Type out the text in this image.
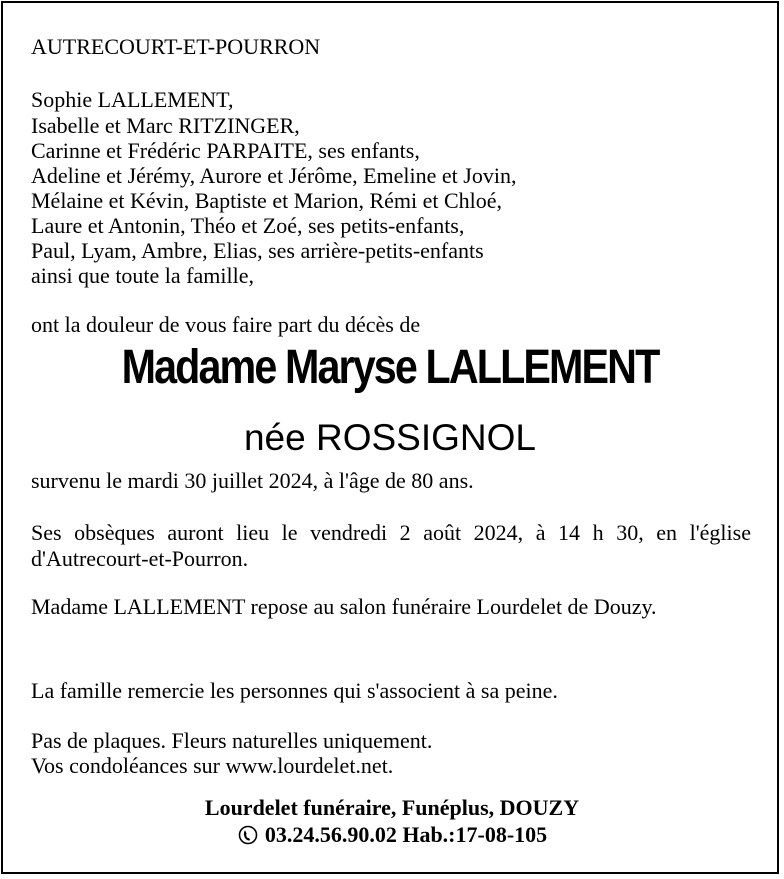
AUTRECOURT-ET-POURRON
Sophie LALLEMENT,
Isabelle et Marc RITZINGER,
Carinne et Frédéric PARPAITE, ses enfants,
Adeline et Jérémy, Aurore et Jérôme, Emeline et Jovin,
Mélaine et Kévin, Baptiste et Marion, Rémi et Chloé,
Laure et Antonin, Théo et Zoé, ses petits-enfants,
Paul, Lyam, Ambre, Elias, ses arrière-petits-enfants
ainsi que toute la famille,
ont la douleur de vous faire part du décès de
Madame Maryse LALLEMENT
née ROSSIGNOL
survenu le mardi 30 juillet 2024, à l'âge de 80 ans.
Ses obsèques auront lieu le vendredi 2 août 2024, à 14 h 30, en l'église d'Autrecourt-et-Pourron.
Madame LALLEMENT repose au salon funéraire Lourdelet de Douzy.
La famille remercie les personnes qui s'associent à sa peine.
Pas de plaques. Fleurs naturelles uniquement.
Vos condoléances sur www.lourdelet.net.
Lourdelet funéraire, Funéplus, DOUZY
03.24.56.90.02 Hab.:17-08-105
